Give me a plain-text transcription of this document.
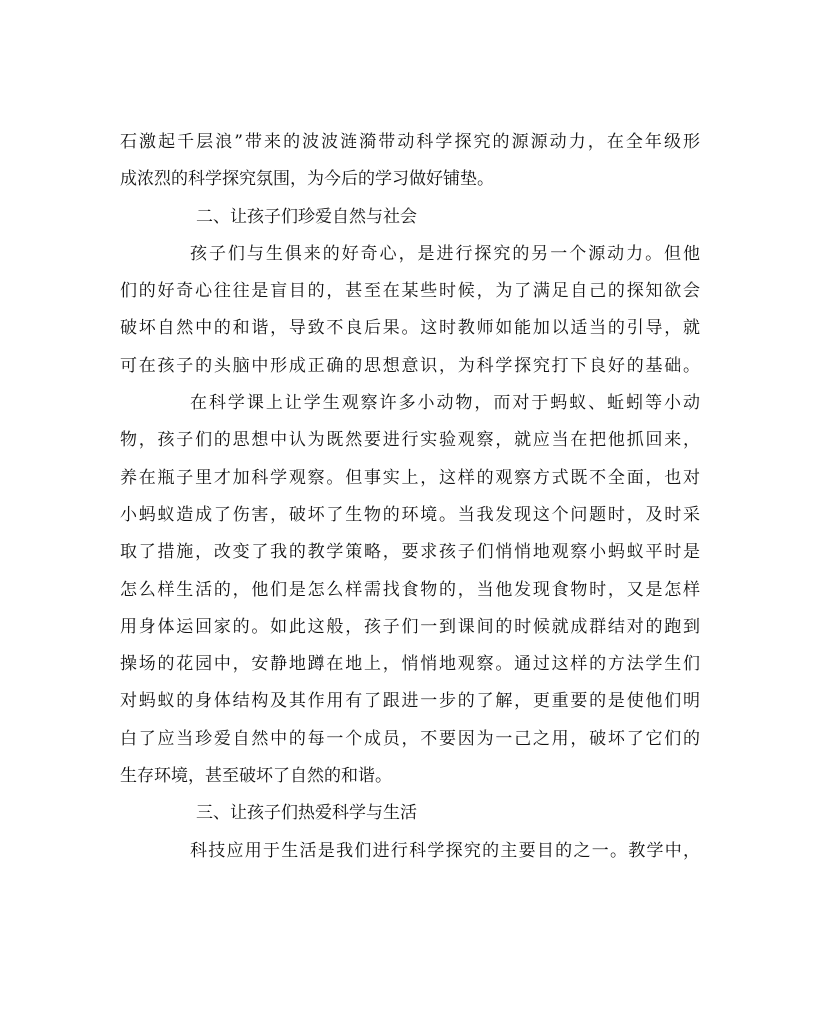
石激起千层浪”带来的波波涟漪带动科学探究的源源动力，在全年级形
成浓烈的科学探究氛围，为今后的学习做好铺垫。
二、让孩子们珍爱自然与社会
孩子们与生俱来的好奇心，是进行探究的另一个源动力。但他
们的好奇心往往是盲目的，甚至在某些时候，为了满足自己的探知欲会
破坏自然中的和谐，导致不良后果。这时教师如能加以适当的引导，就
可在孩子的头脑中形成正确的思想意识，为科学探究打下良好的基础。
在科学课上让学生观察许多小动物，而对于蚂蚁、蚯蚓等小动
物，孩子们的思想中认为既然要进行实验观察，就应当在把他抓回来，
养在瓶子里才加科学观察。但事实上，这样的观察方式既不全面，也对
小蚂蚁造成了伤害，破坏了生物的环境。当我发现这个问题时，及时采
取了措施，改变了我的教学策略，要求孩子们悄悄地观察小蚂蚁平时是
怎么样生活的，他们是怎么样需找食物的，当他发现食物时，又是怎样
用身体运回家的。如此这般，孩子们一到课间的时候就成群结对的跑到
操场的花园中，安静地蹲在地上，悄悄地观察。通过这样的方法学生们
对蚂蚁的身体结构及其作用有了跟进一步的了解，更重要的是使他们明
白了应当珍爱自然中的每一个成员，不要因为一己之用，破坏了它们的
生存环境，甚至破坏了自然的和谐。
三、让孩子们热爱科学与生活
科技应用于生活是我们进行科学探究的主要目的之一。教学中，
